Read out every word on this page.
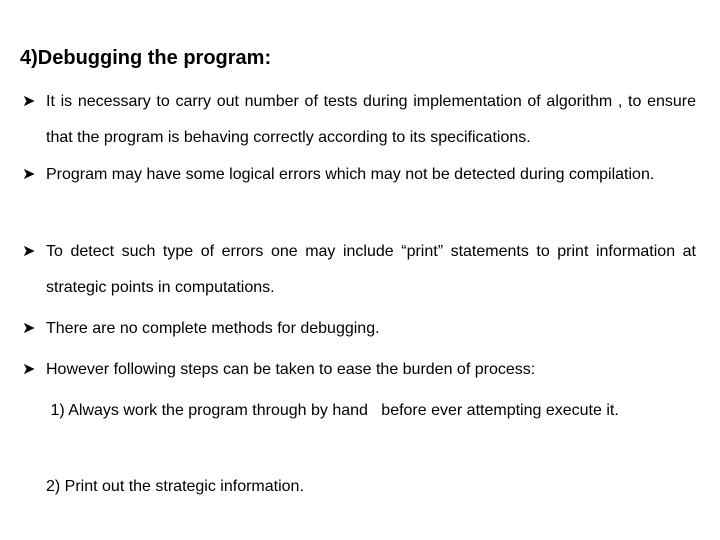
4)Debugging the program:
➤ It is necessary to carry out number of tests during implementation of algorithm , to ensure that the program is behaving correctly according to its specifications.
➤ Program may have some logical errors which may not be detected during compilation.
➤ To detect such type of errors one may include “print” statements to print information at strategic points in computations.
➤ There are no complete methods for debugging.
➤ However following steps can be taken to ease the burden of process:
1) Always work the program through by hand   before ever attempting execute it.
2) Print out the strategic information.
